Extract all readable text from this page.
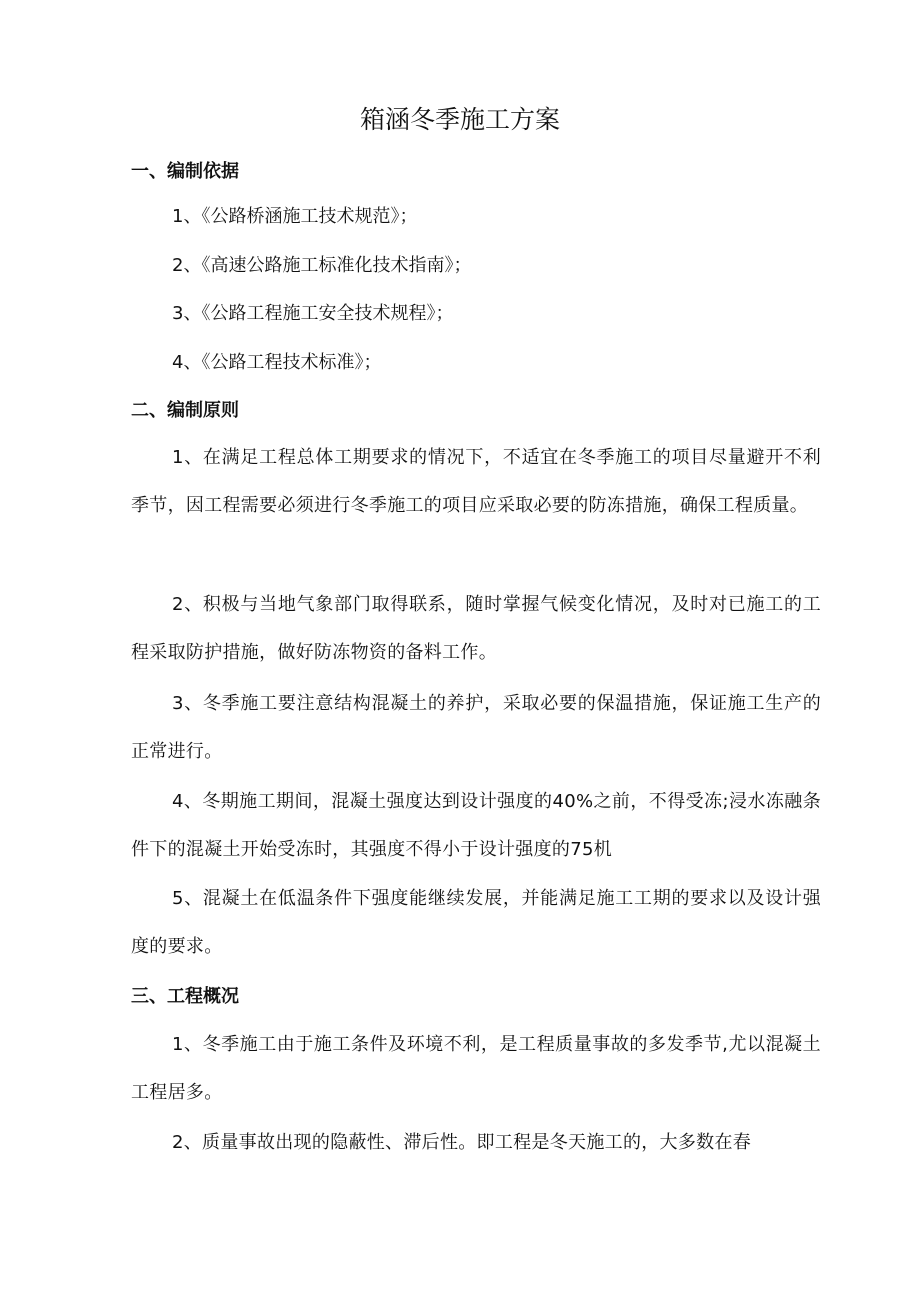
箱涵冬季施工方案
一、编制依据

1、《公路桥涵施工技术规范》；

2、《高速公路施工标准化技术指南》；

3、《公路工程施工安全技术规程》；

4、《公路工程技术标准》；

二、编制原则

1、在满足工程总体工期要求的情况下，不适宜在冬季施工的项目尽量避开不利季节，因工程需要必须进行冬季施工的项目应采取必要的防冻措施，确保工程质量。

2、积极与当地气象部门取得联系，随时掌握气候变化情况，及时对已施工的工程采取防护措施，做好防冻物资的备料工作。

3、冬季施工要注意结构混凝土的养护，采取必要的保温措施，保证施工生产的正常进行。

4、冬期施工期间，混凝土强度达到设计强度的40%之前，不得受冻;浸水冻融条件下的混凝土开始受冻时，其强度不得小于设计强度的75机

5、混凝土在低温条件下强度能继续发展，并能满足施工工期的要求以及设计强度的要求。

三、工程概况

1、冬季施工由于施工条件及环境不利，是工程质量事故的多发季节,尤以混凝土工程居多。

2、质量事故出现的隐蔽性、滞后性。即工程是冬天施工的，大多数在春
